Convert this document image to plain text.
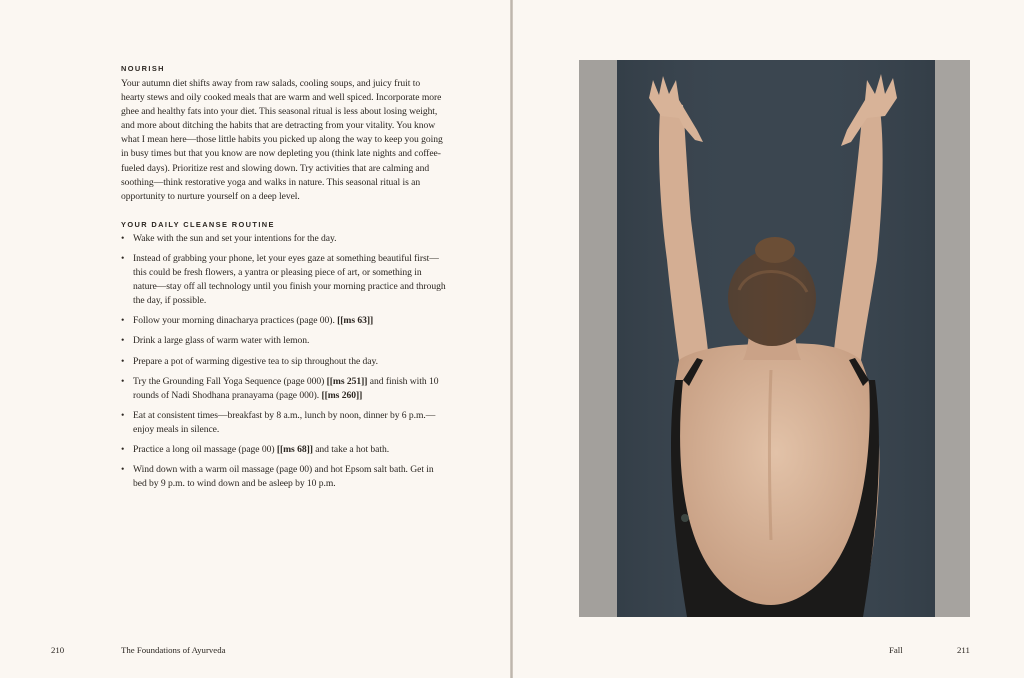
NOURISH

Your autumn diet shifts away from raw salads, cooling soups, and juicy fruit to hearty stews and oily cooked meals that are warm and well spiced. Incorporate more ghee and healthy fats into your diet. This seasonal ritual is less about losing weight, and more about ditching the habits that are detracting from your vitality. You know what I mean here—those little habits you picked up along the way to keep you going in busy times but that you know are now depleting you (think late nights and coffee-fueled days). Prioritize rest and slowing down. Try activities that are calming and soothing—think restorative yoga and walks in nature. This seasonal ritual is an opportunity to nurture yourself on a deep level.

YOUR DAILY CLEANSE ROUTINE
• Wake with the sun and set your intentions for the day.
• Instead of grabbing your phone, let your eyes gaze at something beautiful first—this could be fresh flowers, a yantra or pleasing piece of art, or something in nature—stay off all technology until you finish your morning practice and through the day, if possible.
• Follow your morning dinacharya practices (page 00). [[ms 63]]
• Drink a large glass of warm water with lemon.
• Prepare a pot of warming digestive tea to sip throughout the day.
• Try the Grounding Fall Yoga Sequence (page 000) [[ms 251]] and finish with 10 rounds of Nadi Shodhana pranayama (page 000). [[ms 260]]
• Eat at consistent times—breakfast by 8 a.m., lunch by noon, dinner by 6 p.m.—enjoy meals in silence.
• Practice a long oil massage (page 00) [[ms 68]] and take a hot bath.
• Wind down with a warm oil massage (page 00) and hot Epsom salt bath. Get in bed by 9 p.m. to wind down and be asleep by 10 p.m.
210	The Foundations of Ayurveda	Fall	211
